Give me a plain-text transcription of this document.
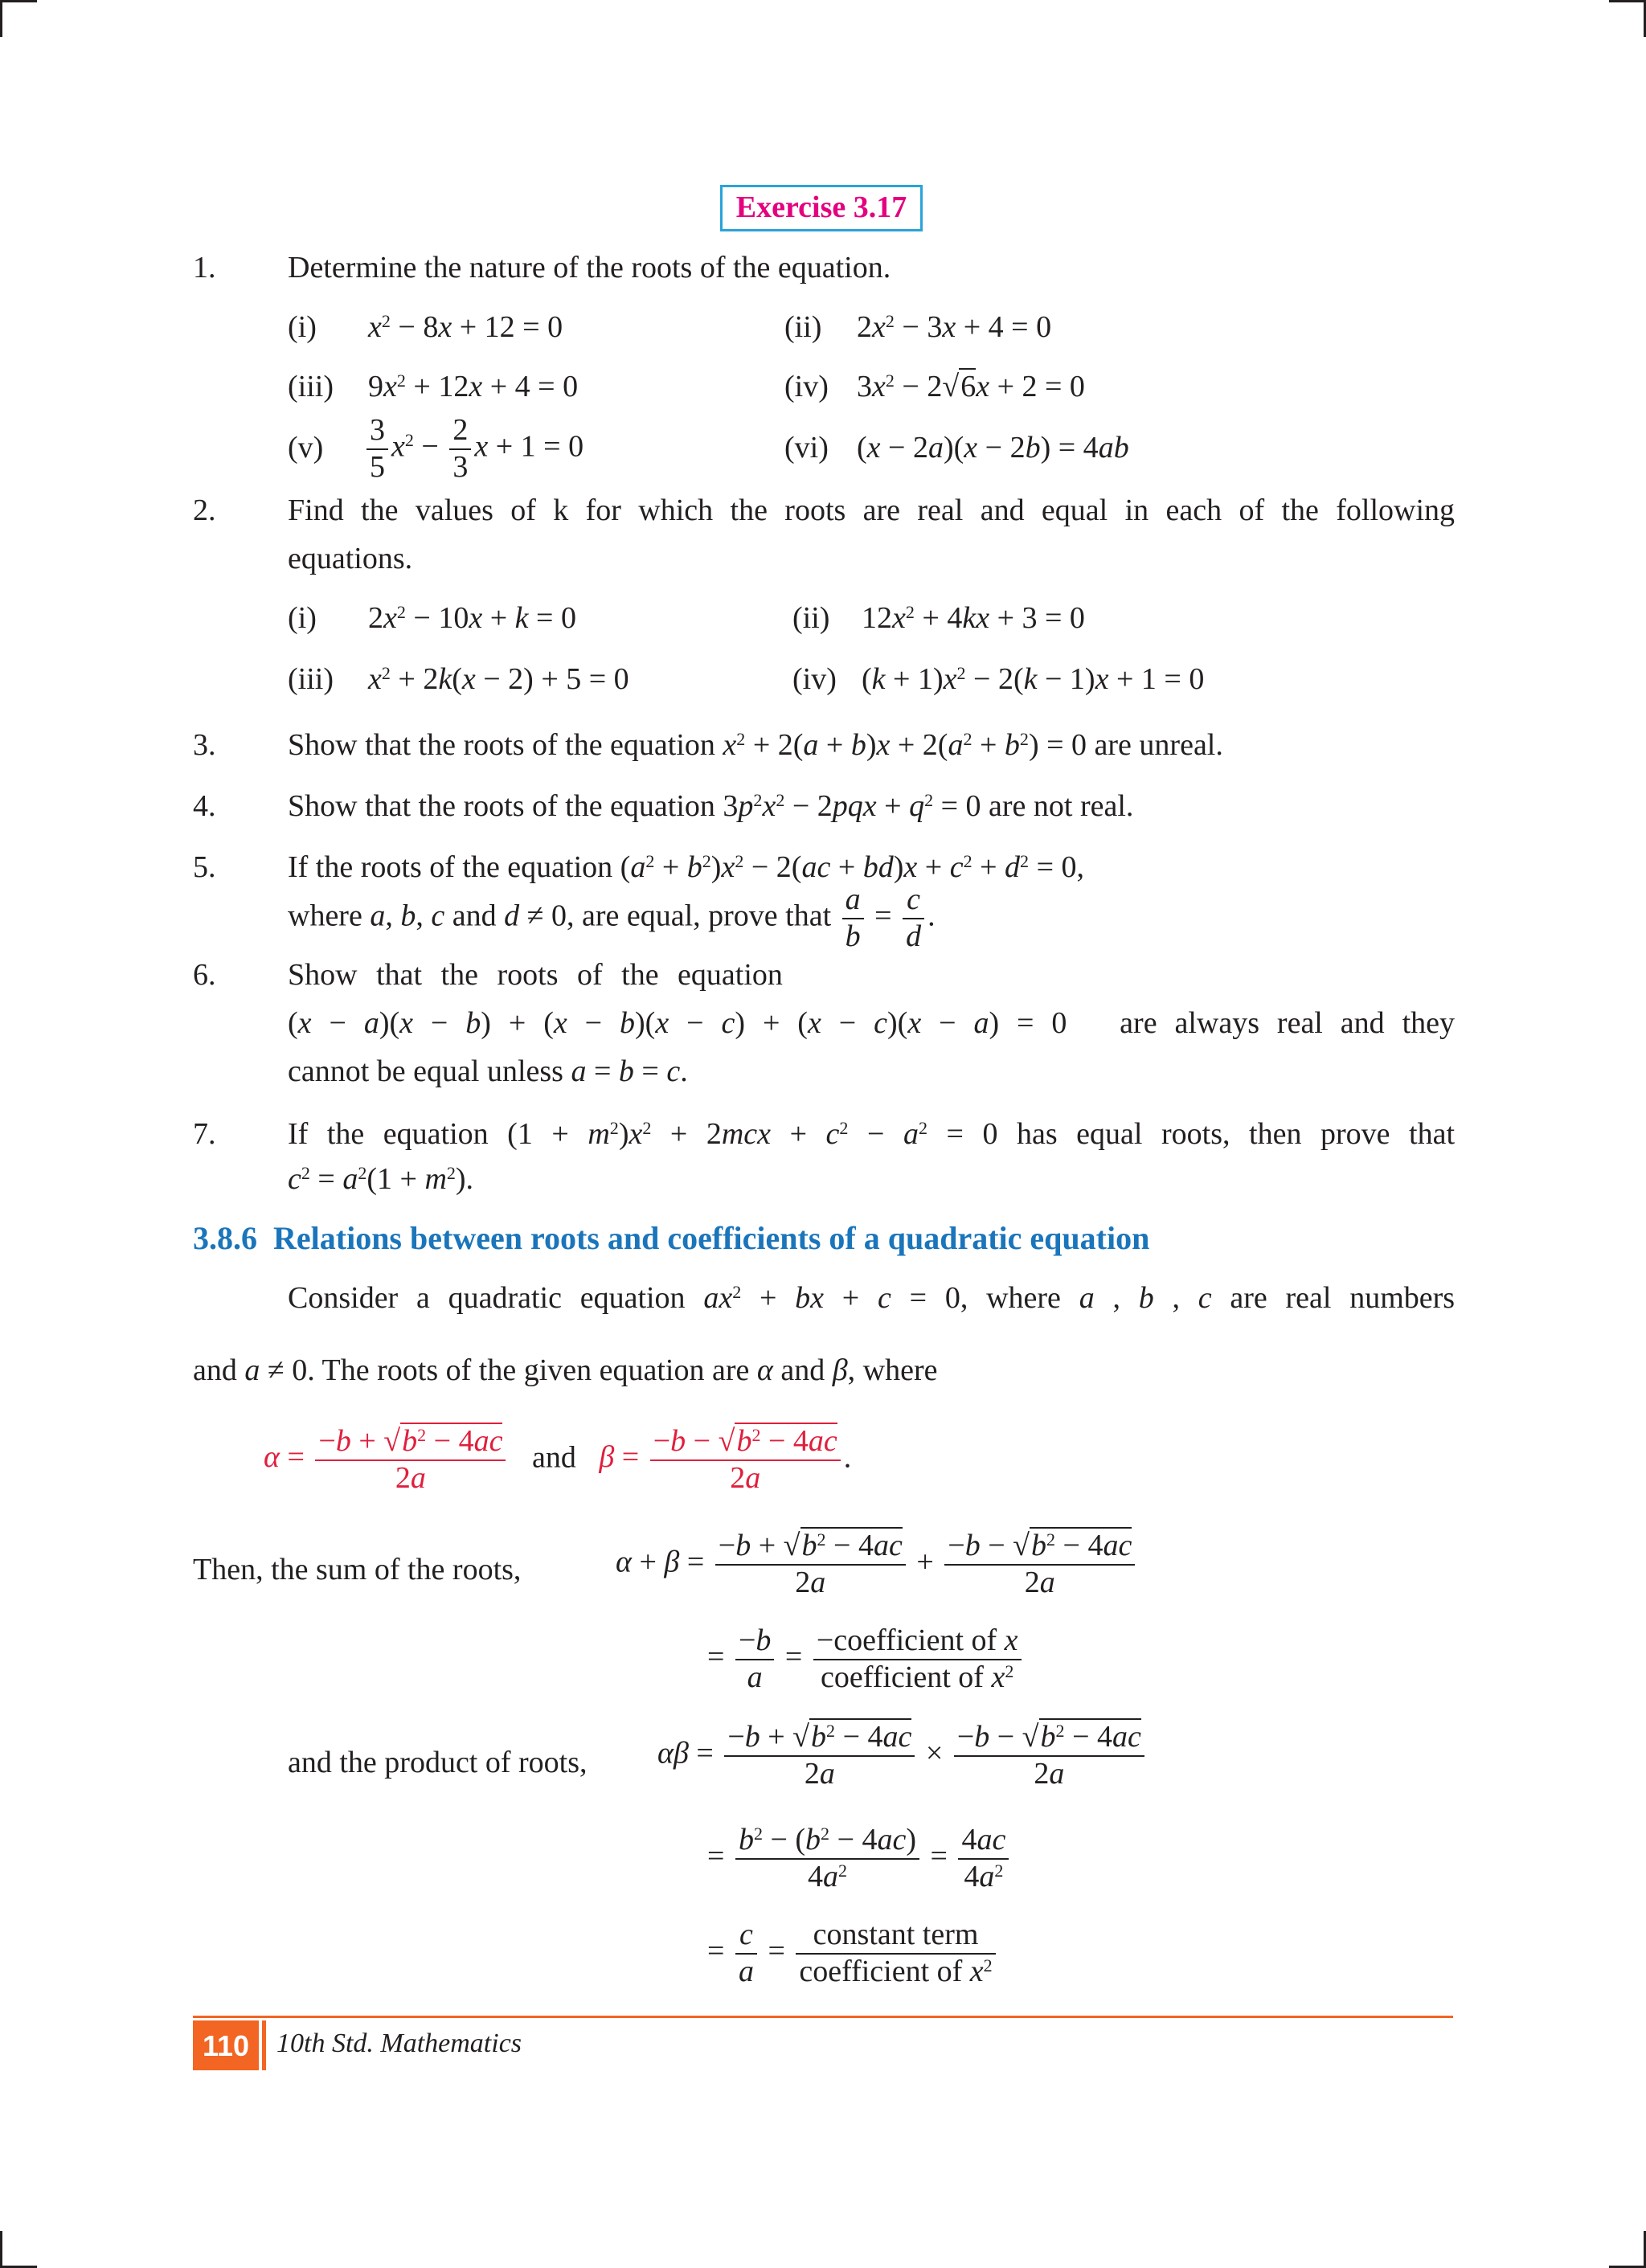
Exercise 3.17
1. Determine the nature of the roots of the equation.
(i) $x^2 - 8x + 12 = 0$	(ii) $2x^2 - 3x + 4 = 0$
(iii) $9x^2 + 12x + 4 = 0$	(iv) $3x^2 - 2√6x + 2 = 0$
$(v) \frac{3}{5} x^2 - \frac{2}{3}$ x + 1 = 0	(vi) (x − 2a)(x − 2b) = 4ab
2. Find the values of k for which the roots are real and equal in each of the following
equations.
(i) $2x^2 - 10x + k = 0$	(ii) $12x^2 + 4kx + 3 = 0$
(iii) $x^2 + 2k(x - 2) + 5 = 0$	(iv) $(k + 1)x^2 - 2(k - 1)x + 1 = 0$
3. Show that the roots of the equation $x^2 + 2(a + b)x + 2(a^2 + b^2) = 0$ are unreal.
4. Show that the roots of the equation $3p^2x^2 - 2pqx + q^2 = 0$ are not real.
5. If the roots of the equation $(a^2 + b^2)x^2 - 2(ac + bd)x + c^2 + d^2 = 0$,
where a, b, c and d ≠ 0, are equal, prove that $\frac{a}{b} = \frac{c}{d}$ .
6. Show that the roots of the equation
(x − a)(x − b) + (x − b)(x − c) + (x − c)(x − a) = 0   are always real and they
cannot be equal unless a = b = c.
7. If the equation $(1 + m^2)x^2 + 2mcx + c^2 - a^2 = 0$ has equal roots, then prove that
$c^2 = a^2(1 + m^2)$.
3.8.6 Relations between roots and coefficients of a quadratic equation
Consider a quadratic equation $ax^2$ + bx + c = 0, where a , b , c are real numbers
and a ≠ 0. The roots of the given equation are α and β, where
$\alpha = \frac{-b + √b^2 - 4ac}{2a}$ and $\beta = \frac{-b - √b^2 - 4ac}{2a}$ .
Then, the sum of the roots,	$\alpha + \beta = \frac{-b + √b^2 - 4ac}{2a} + \frac{-b - √b^2 - 4ac}{2a}$
= $\frac{-b}{a} = \frac{\text{−coefficient of x}}{coefficient of x^2}$
and the product of roots, $\alpha\beta = \frac{-b + √b^2 - 4ac}{2a} \times \frac{-b - √b^2 - 4ac}{2a}$
= $\frac{b^2 - (b^2 - 4ac)}{4a^2} = \frac{4ac}{4a^2}$
= $\frac{c}{a} = \frac{\text{constant term}}{coefficient of x^2}$
110 10th Std. Mathematics
